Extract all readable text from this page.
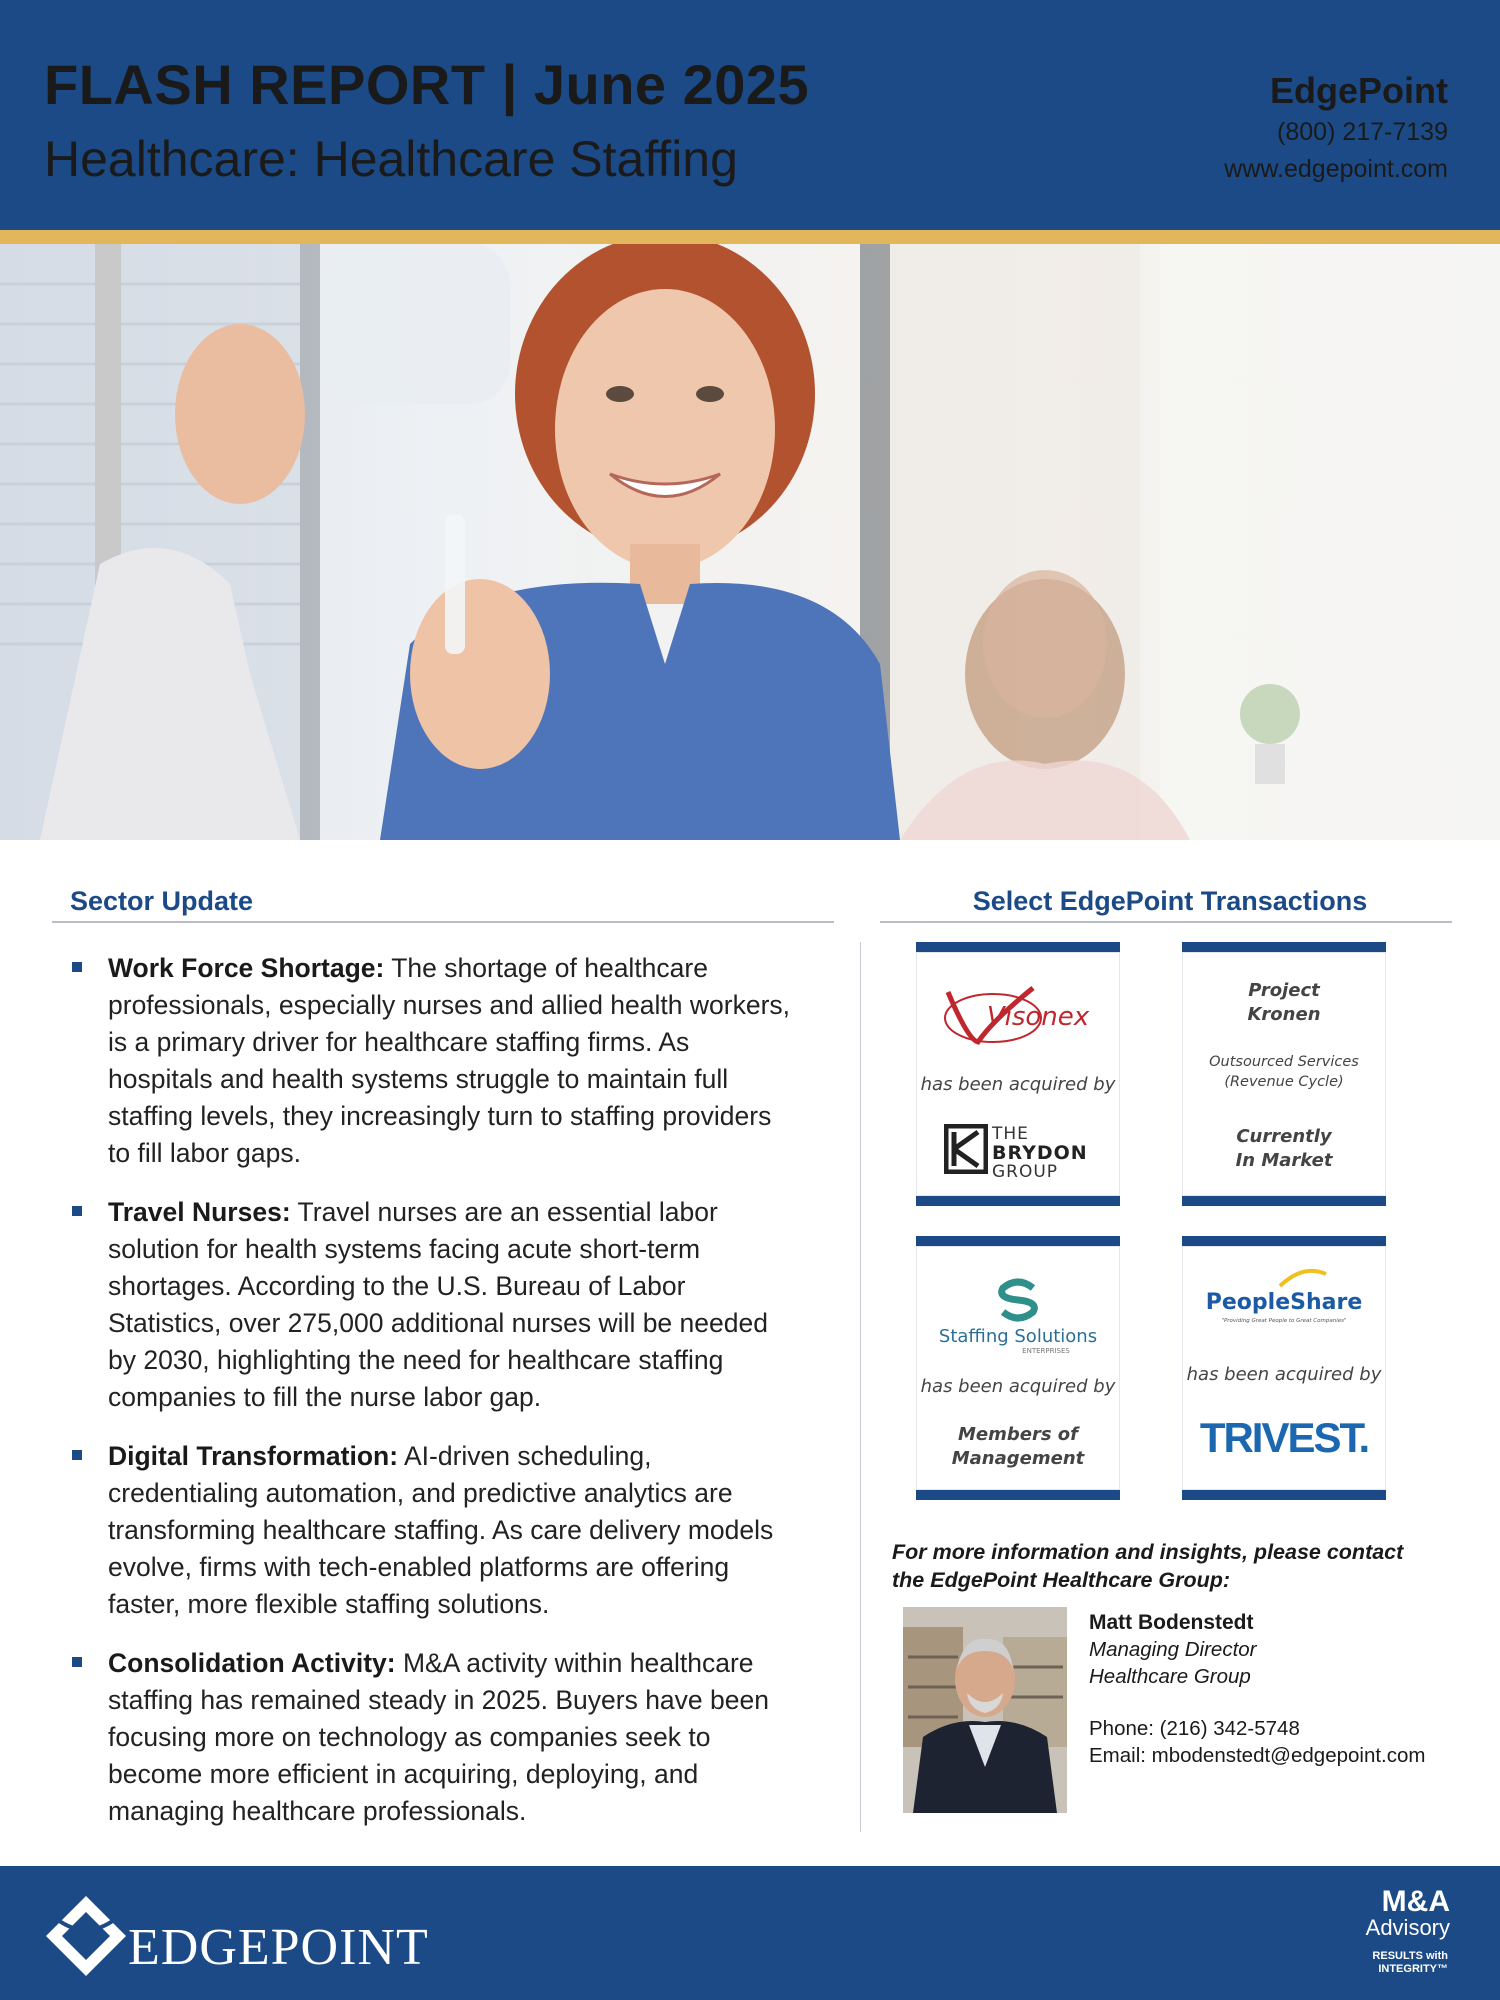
FLASH REPORT | June 2025
Healthcare: Healthcare Staffing
EdgePoint
(800) 217-7139
www.edgepoint.com
Sector Update
Work Force Shortage: The shortage of healthcare
professionals, especially nurses and allied health workers,
is a primary driver for healthcare staffing firms. As
hospitals and health systems struggle to maintain full
staffing levels, they increasingly turn to staffing providers
to fill labor gaps.
Travel Nurses: Travel nurses are an essential labor
solution for health systems facing acute short-term
shortages. According to the U.S. Bureau of Labor
Statistics, over 275,000 additional nurses will be needed
by 2030, highlighting the need for healthcare staffing
companies to fill the nurse labor gap.
Digital Transformation: AI-driven scheduling,
credentialing automation, and predictive analytics are
transforming healthcare staffing. As care delivery models
evolve, firms with tech-enabled platforms are offering
faster, more flexible staffing solutions.
Consolidation Activity: M&A activity within healthcare
staffing has remained steady in 2025. Buyers have been
focusing more on technology as companies seek to
become more efficient in acquiring, deploying, and
managing healthcare professionals.
Select EdgePoint Transactions
Visonex
has been acquired by
THE
BRYDON
GROUP
Project
Kronen
Outsourced Services
(Revenue Cycle)
Currently
In Market
Staffing Solutions
ENTERPRISES
has been acquired by
Members of
Management
PeopleShare
"Providing Great People to Great Companies"
has been acquired by
TRIVEST.
For more information and insights, please contact
the EdgePoint Healthcare Group:
Matt Bodenstedt
Managing Director
Healthcare Group
Phone: (216) 342-5748
Email: mbodenstedt@edgepoint.com
EDGEPOINT
M&A
Advisory
RESULTS with
INTEGRITY™
